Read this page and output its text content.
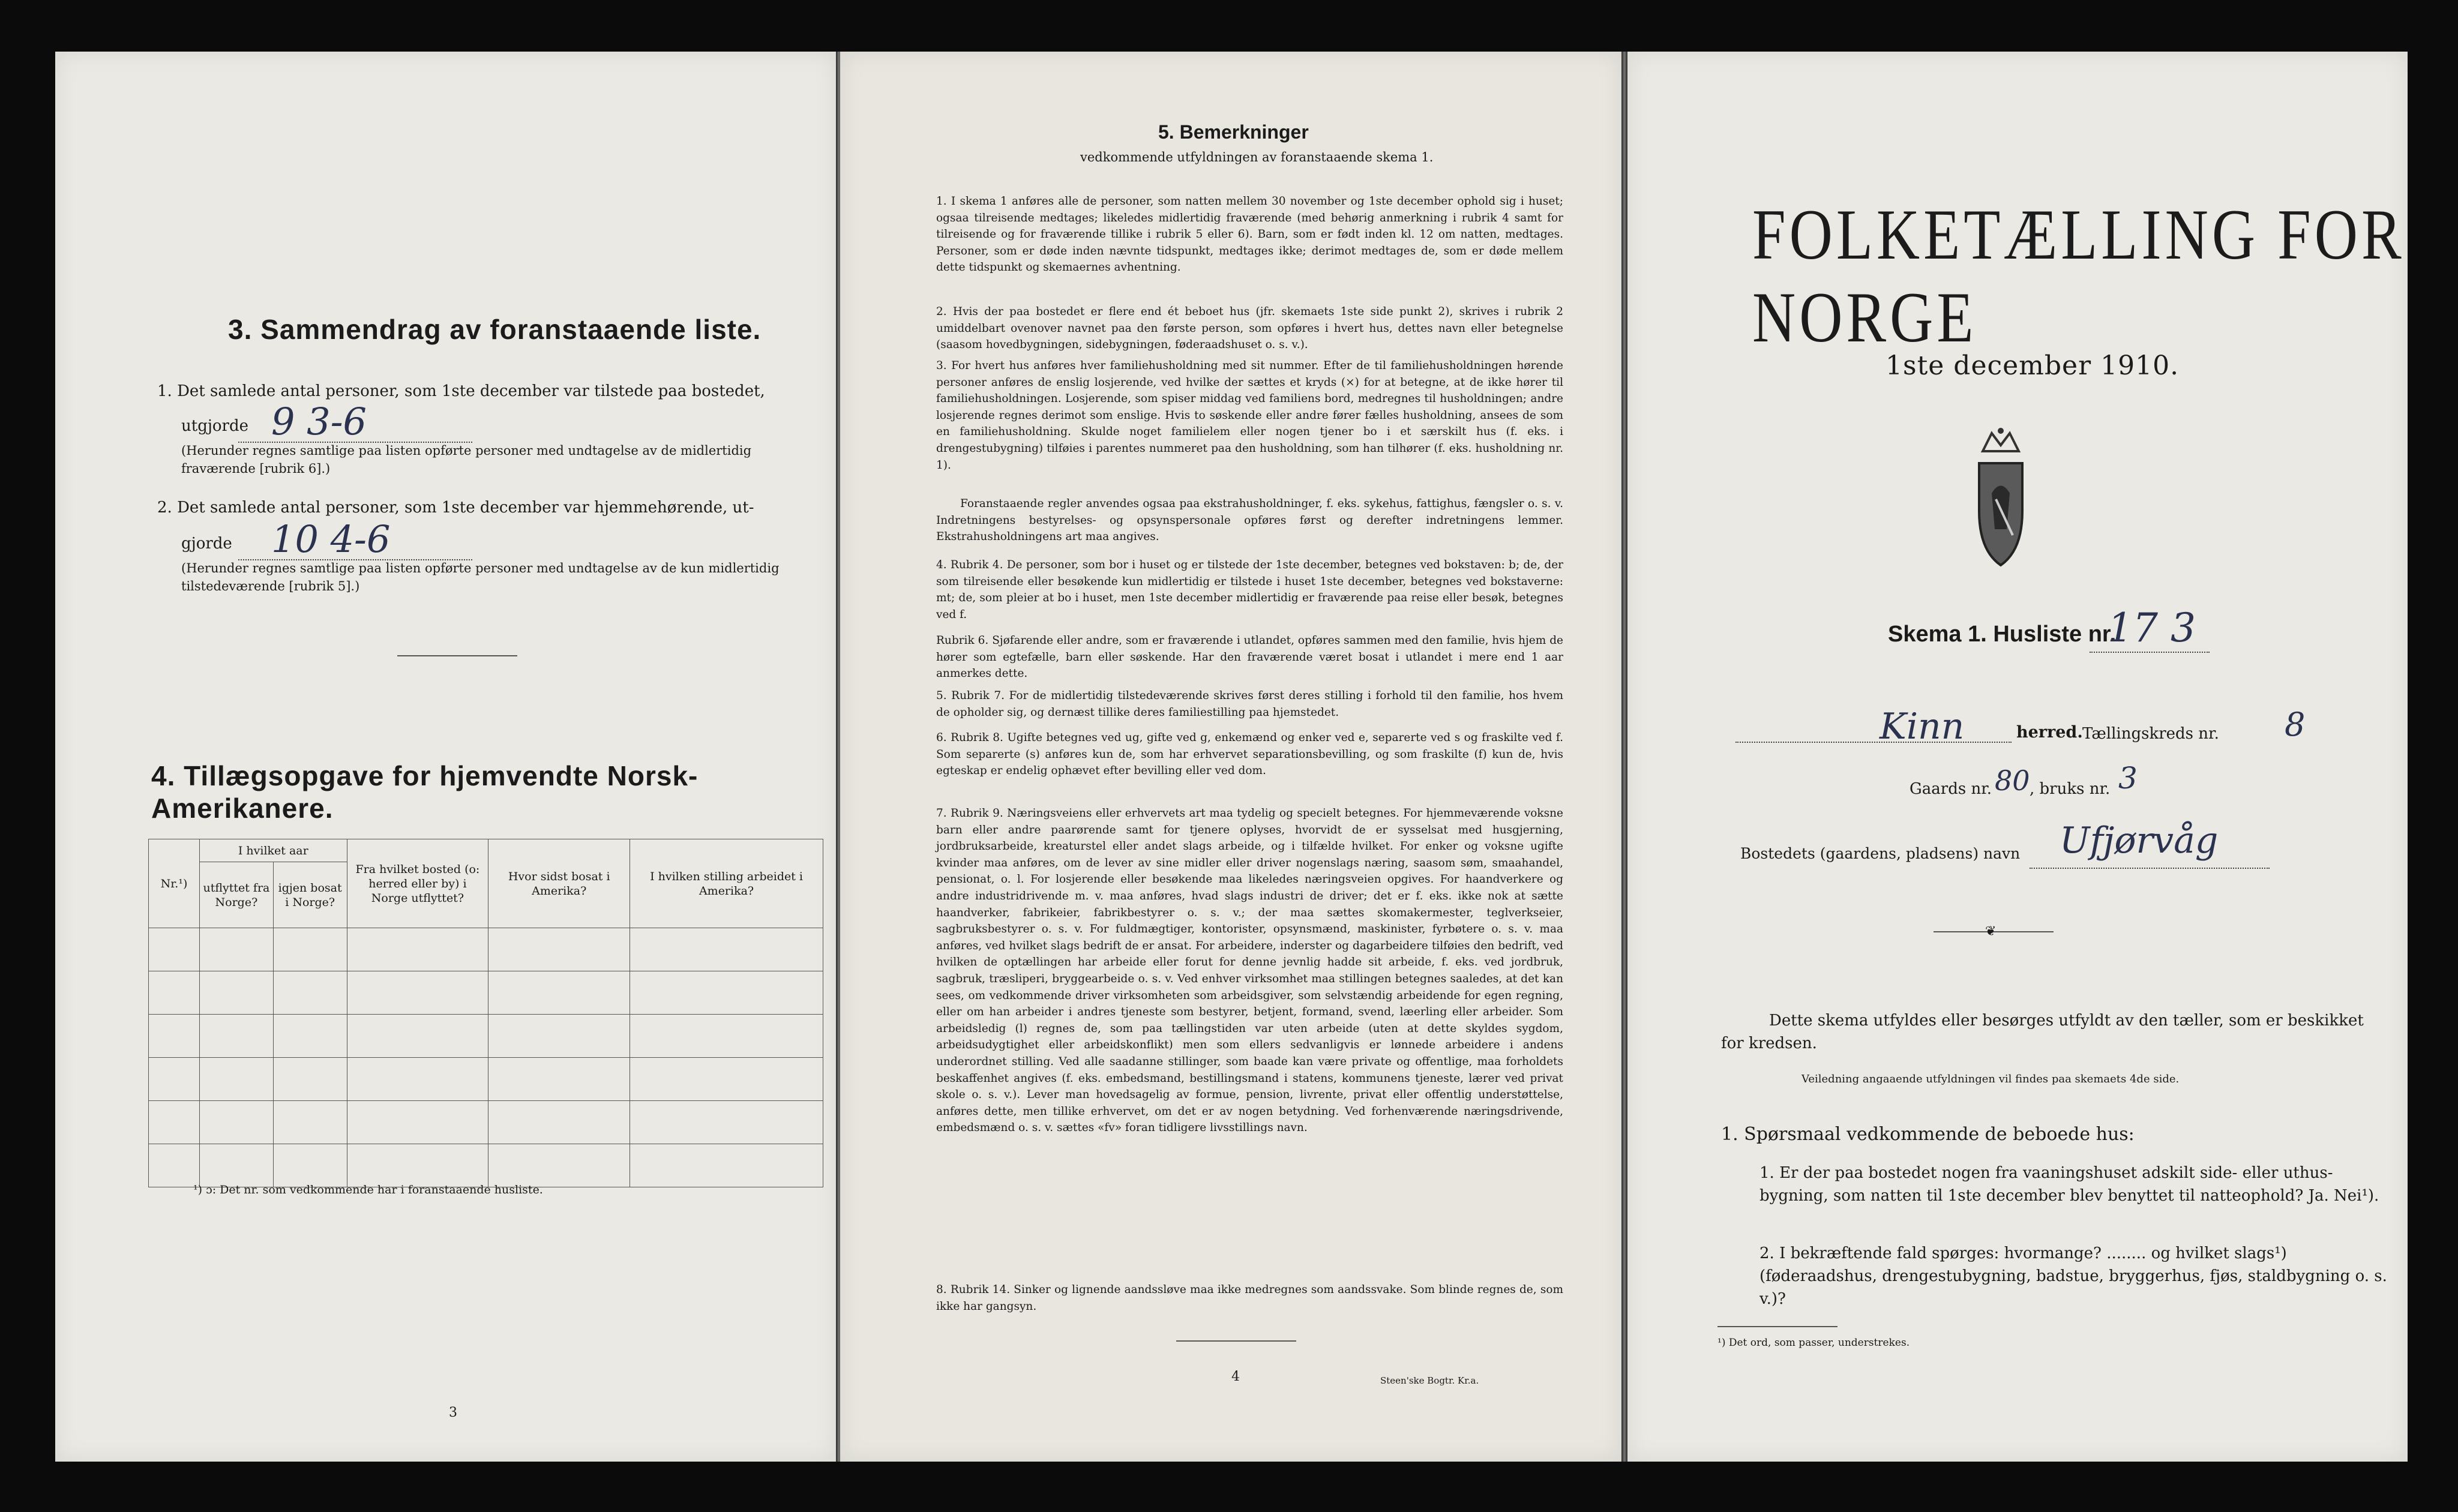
3. Sammendrag av foranstaaende liste.
1. Det samlede antal personer, som 1ste december var tilstede paa bostedet,
utgjorde 9 3-6
(Herunder regnes samtlige paa listen opførte personer med undtagelse av de midlertidig fraværende [rubrik 6].)
2. Det samlede antal personer, som 1ste december var hjemmehørende, ut-
gjorde 10 4-6
(Herunder regnes samtlige paa listen opførte personer med undtagelse av de kun midlertidig tilstedeværende [rubrik 5].)
4. Tillægsopgave for hjemvendte Norsk-Amerikanere.
Nr.¹)	I hvilket aar		Fra hvilket bosted (o: herred eller by) i Norge utflyttet?	Hvor sidst bosat i Amerika?	I hvilken stilling arbeidet i Amerika?
	utflyttet fra Norge?	igjen bosat i Norge?			

¹) ɔ: Det nr. som vedkommende har i foranstaaende husliste.
3
5. Bemerkninger
vedkommende utfyldningen av foranstaaende skema 1.
1. I skema 1 anføres alle de personer, som natten mellem 30 november og 1ste december ophold sig i huset; ogsaa tilreisende medtages; likeledes midlertidig fraværende (med behørig anmerkning i rubrik 4 samt for tilreisende og for fraværende tillike i rubrik 5 eller 6). Barn, som er født inden kl. 12 om natten, medtages. Personer, som er døde inden nævnte tidspunkt, medtages ikke; derimot medtages de, som er døde mellem dette tidspunkt og skemaernes avhentning.
2. Hvis der paa bostedet er flere end ét beboet hus (jfr. skemaets 1ste side punkt 2), skrives i rubrik 2 umiddelbart ovenover navnet paa den første person, som opføres i hvert hus, dettes navn eller betegnelse (saasom hovedbygningen, sidebygningen, føderaadshuset o. s. v.).
3. For hvert hus anføres hver familiehusholdning med sit nummer. Efter de til familiehusholdningen hørende personer anføres de enslig losjerende, ved hvilke der sættes et kryds (×) for at betegne, at de ikke hører til familiehusholdningen. Losjerende, som spiser middag ved familiens bord, medregnes til husholdningen; andre losjerende regnes derimot som enslige. Hvis to søskende eller andre fører fælles husholdning, ansees de som en familiehusholdning. Skulde noget familielem eller nogen tjener bo i et særskilt hus (f. eks. i drengestubygning) tilføies i parentes nummeret paa den husholdning, som han tilhører (f. eks. husholdning nr. 1).
Foranstaaende regler anvendes ogsaa paa ekstrahusholdninger, f. eks. sykehus, fattighus, fængsler o. s. v. Indretningens bestyrelses- og opsynspersonale opføres først og derefter indretningens lemmer. Ekstrahusholdningens art maa angives.
4. Rubrik 4. De personer, som bor i huset og er tilstede der 1ste december, betegnes ved bokstaven: b; de, der som tilreisende eller besøkende kun midlertidig er tilstede i huset 1ste december, betegnes ved bokstaverne: mt; de, som pleier at bo i huset, men 1ste december midlertidig er fraværende paa reise eller besøk, betegnes ved f.
Rubrik 6. Sjøfarende eller andre, som er fraværende i utlandet, opføres sammen med den familie, hvis hjem de hører som egtefælle, barn eller søskende. Har den fraværende været bosat i utlandet i mere end 1 aar anmerkes dette.
5. Rubrik 7. For de midlertidig tilstedeværende skrives først deres stilling i forhold til den familie, hos hvem de opholder sig, og dernæst tillike deres familiestilling paa hjemstedet.
6. Rubrik 8. Ugifte betegnes ved ug, gifte ved g, enkemænd og enker ved e, separerte ved s og fraskilte ved f. Som separerte (s) anføres kun de, som har erhvervet separationsbevilling, og som fraskilte (f) kun de, hvis egteskap er endelig ophævet efter bevilling eller ved dom.
7. Rubrik 9. Næringsveiens eller erhvervets art maa tydelig og specielt betegnes. For hjemmeværende voksne barn eller andre paarørende samt for tjenere oplyses, hvorvidt de er sysselsat med husgjerning, jordbruksarbeide, kreaturstel eller andet slags arbeide, og i tilfælde hvilket. For enker og voksne ugifte kvinder maa anføres, om de lever av sine midler eller driver nogenslags næring, saasom søm, smaahandel, pensionat, o. l. For losjerende eller besøkende maa likeledes næringsveien opgives. For haandverkere og andre industridrivende m. v. maa anføres, hvad slags industri de driver; det er f. eks. ikke nok at sætte haandverker, fabrikeier, fabrikbestyrer o. s. v.; der maa sættes skomakermester, teglverkseier, sagbruksbestyrer o. s. v. For fuldmægtiger, kontorister, opsynsmænd, maskinister, fyrbøtere o. s. v. maa anføres, ved hvilket slags bedrift de er ansat. For arbeidere, inderster og dagarbeidere tilføies den bedrift, ved hvilken de optællingen har arbeide eller forut for denne jevnlig hadde sit arbeide, f. eks. ved jordbruk, sagbruk, træsliperi, bryggearbeide o. s. v. Ved enhver virksomhet maa stillingen betegnes saaledes, at det kan sees, om vedkommende driver virksomheten som arbeidsgiver, som selvstændig arbeidende for egen regning, eller om han arbeider i andres tjeneste som bestyrer, betjent, formand, svend, læerling eller arbeider. Som arbeidsledig (l) regnes de, som paa tællingstiden var uten arbeide (uten at dette skyldes sygdom, arbeidsudygtighet eller arbeidskonflikt) men som ellers sedvanligvis er lønnede arbeidere i andens underordnet stilling. Ved alle saadanne stillinger, som baade kan være private og offentlige, maa forholdets beskaffenhet angives (f. eks. embedsmand, bestillingsmand i statens, kommunens tjeneste, lærer ved privat skole o. s. v.). Lever man hovedsagelig av formue, pension, livrente, privat eller offentlig understøttelse, anføres dette, men tillike erhvervet, om det er av nogen betydning. Ved forhenværende næringsdrivende, embedsmænd o. s. v. sættes «fv» foran tidligere livsstillings navn.
8. Rubrik 14. Sinker og lignende aandssløve maa ikke medregnes som aandssvake. Som blinde regnes de, som ikke har gangsyn.
4	Steen'ske Bogtr. Kr.a.
FOLKETÆLLING FOR NORGE
1ste december 1910.
Skema 1. Husliste nr.
17 3
Kinn	herred. Tællingskreds nr. 8
Gaards nr. 80 , bruks nr. 3
Bostedets (gaardens, pladsens) navn Ufjørvåg
❦
Dette skema utfyldes eller besørges utfyldt av den tæller, som er beskikket for kredsen.
Veiledning angaaende utfyldningen vil findes paa skemaets 4de side.
1. Spørsmaal vedkommende de beboede hus:
1. Er der paa bostedet nogen fra vaaningshuset adskilt side- eller uthus-bygning, som natten til 1ste december blev benyttet til natteophold? Ja. Nei¹).
2. I bekræftende fald spørges: hvormange? ........ og hvilket slags¹) (føderaadshus, drengestubygning, badstue, bryggerhus, fjøs, staldbygning o. s. v.)?
¹) Det ord, som passer, understrekes.
